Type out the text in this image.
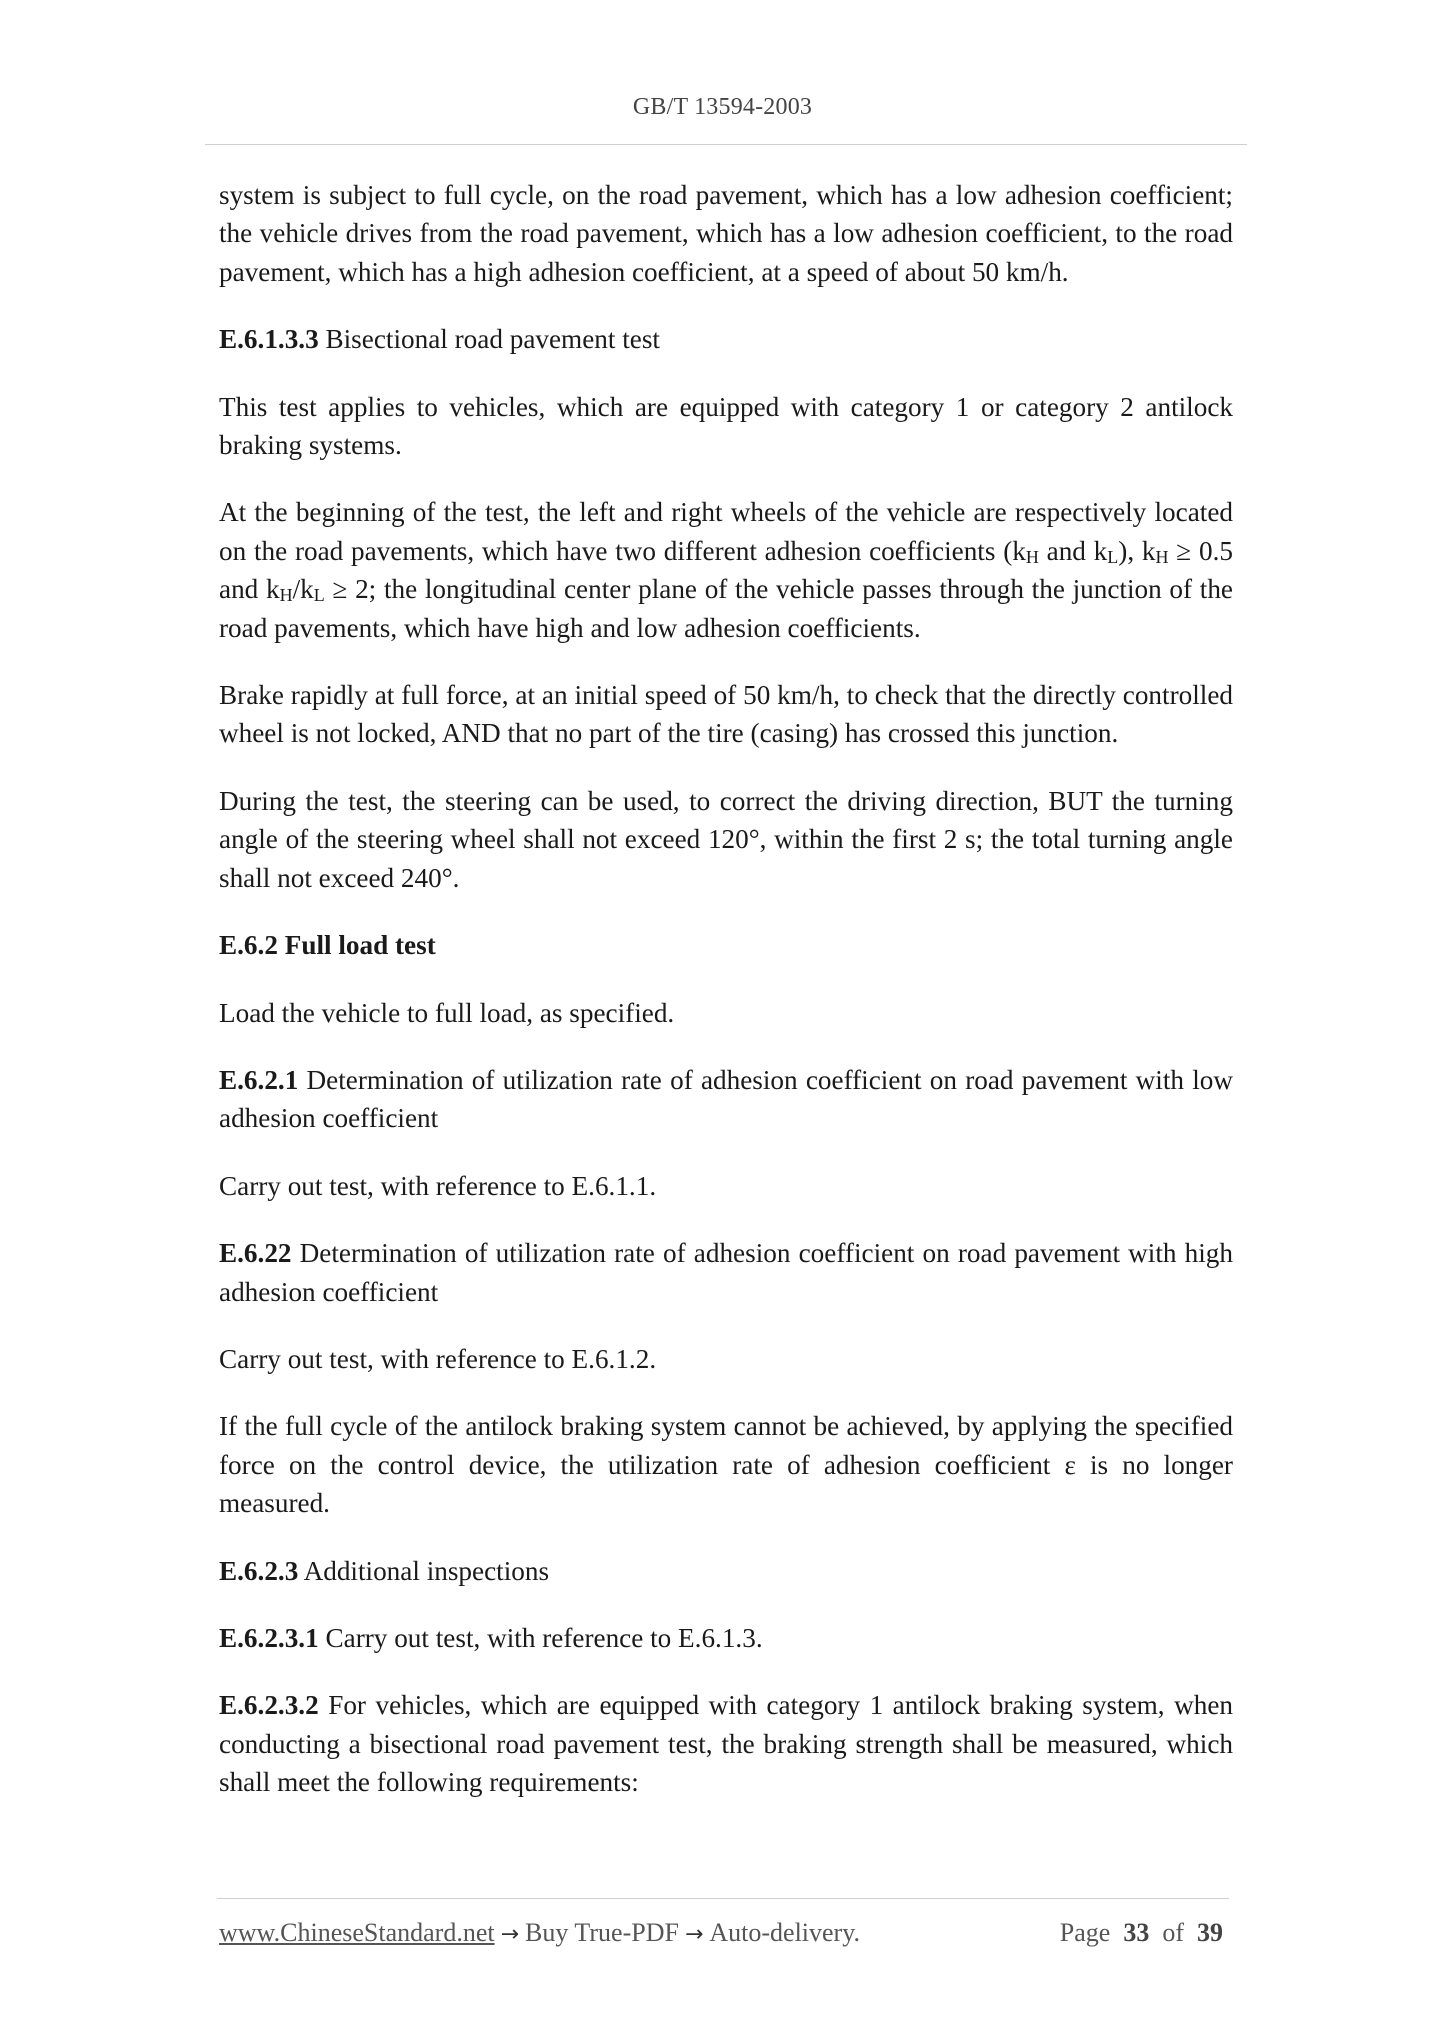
GB/T 13594-2003

system is subject to full cycle, on the road pavement, which has a low adhesion coefficient; the vehicle drives from the road pavement, which has a low adhesion coefficient, to the road pavement, which has a high adhesion coefficient, at a speed of about 50 km/h.

E.6.1.3.3 Bisectional road pavement test

This test applies to vehicles, which are equipped with category 1 or category 2 antilock braking systems.

At the beginning of the test, the left and right wheels of the vehicle are respectively located on the road pavements, which have two different adhesion coefficients ($k_H$ and $k_L$), $k_H \ge 0.5$ and $k_H/k_L \ge 2$; the longitudinal center plane of the vehicle passes through the junction of the road pavements, which have high and low adhesion coefficients.

Brake rapidly at full force, at an initial speed of 50 km/h, to check that the directly controlled wheel is not locked, AND that no part of the tire (casing) has crossed this junction.

During the test, the steering can be used, to correct the driving direction, BUT the turning angle of the steering wheel shall not exceed 120°, within the first 2 s; the total turning angle shall not exceed 240°.

E.6.2 Full load test

Load the vehicle to full load, as specified.

E.6.2.1 Determination of utilization rate of adhesion coefficient on road pavement with low adhesion coefficient

Carry out test, with reference to E.6.1.1.

E.6.22 Determination of utilization rate of adhesion coefficient on road pavement with high adhesion coefficient

Carry out test, with reference to E.6.1.2.

If the full cycle of the antilock braking system cannot be achieved, by applying the specified force on the control device, the utilization rate of adhesion coefficient ε is no longer measured.

E.6.2.3 Additional inspections

E.6.2.3.1 Carry out test, with reference to E.6.1.3.

E.6.2.3.2 For vehicles, which are equipped with category 1 antilock braking system, when conducting a bisectional road pavement test, the braking strength shall be measured, which shall meet the following requirements:

www.ChineseStandard.net → Buy True-PDF → Auto-delivery.	Page 33 of 39
